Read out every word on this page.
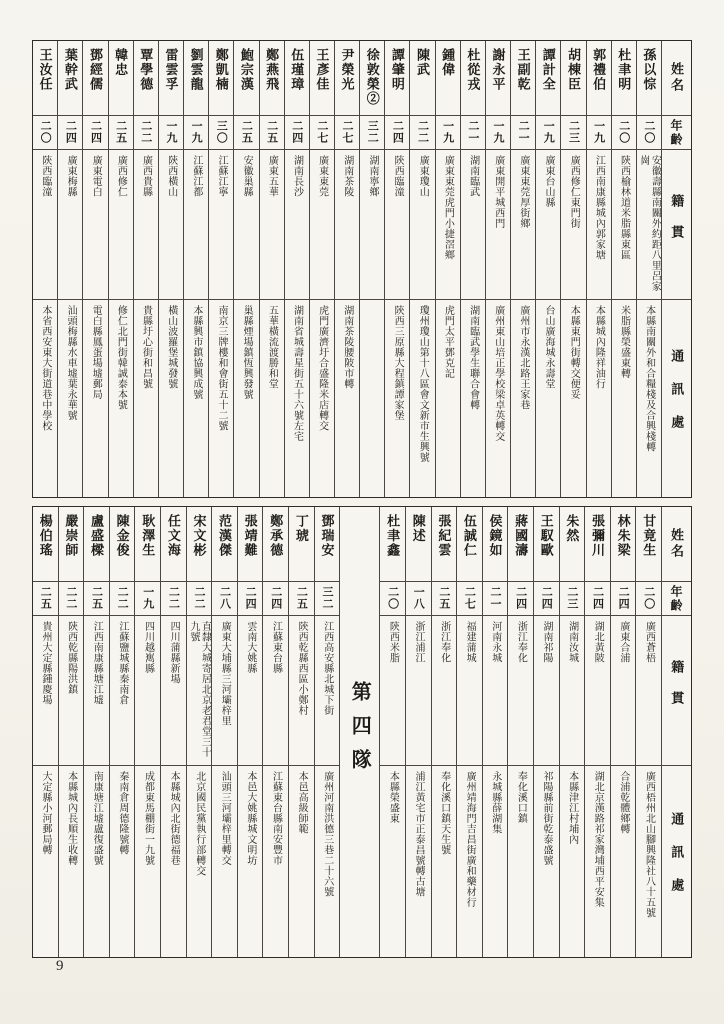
姓名
年齡
籍貫
通訊處
孫以悰
二〇
安徽壽縣南關外約距八里呂家崗
本縣南關外和合糧棧及合興棧轉
杜聿明
二〇
陝西榆林道米脂縣東區
米脂縣榮盛東轉
郭禮伯
一九
江西南康縣城內郭家塘
本縣城內隆祥油行
胡棟臣
二三
廣西修仁東門街
本縣東門街轉交便妥
譚計全
一九
廣東台山縣
台山廣海城永壽堂
王副乾
二一
廣東東莞厚街鄉
廣州市永漢北路王家巷
謝永平
一九
廣東開平城西門
廣州東山培正學校梁卓英轉交
杜從戎
二一
湖南臨武
湖南臨武學生聯合會轉
鍾偉
一九
廣東東莞虎門小捷滘鄉
虎門太平鄧克記
陳武
二二
廣東瓊山
瓊州瓊山第十八區會文新市生興號
譚肇明
二四
陝西臨潼
陝西三原縣大程鎮譚家堡
徐敦榮②
三二
湖南寧鄉
尹榮光
二七
湖南茶陵
湖南茶陵腰陂市轉
王彥佳
二七
廣東東莞
虎門廣濟圩合盛隆米店轉交
伍瑾璋
二四
湖南長沙
湖南省城壽星街五十六號左宅
鄭燕飛
二五
廣東五華
五華橫流渡勝和堂
鮑宗漢
二五
安徽巢縣
巢縣煙場鎮恆興發號
鄭凱楠
三〇
江蘇江寧
南京三牌樓和會街五十二號
劉雲龍
一九
江蘇江都
本縣興市鎮協興成號
雷雲孚
一九
陝西橫山
橫山波羅堡城發號
覃學德
二二
廣西貴縣
貴縣圩心街和昌號
韓忠
二五
廣西修仁
修仁北門街韓誠泰本號
鄧經儒
二四
廣東電白
電白縣鳳蛋場墟郵局
葉幹武
二四
廣東梅縣
汕頭梅縣水車墟葉永華號
王汝任
二〇
陝西臨潼
本省西安東大街道巷中學校
姓名
年齡
籍貫
通訊處
甘竟生
二〇
廣西蒼梧
廣西梧州北山腳興隆社八十五號
林朱梁
二四
廣東合浦
合浦乾體鄉轉
張彌川
二四
湖北黃陂
湖北京漢路祁家灣埔西平安集
朱然
二三
湖南汝城
本縣津江村埔內
王馭歐
二四
湖南祁陽
祁陽縣前街乾泰盛號
蔣國濤
二四
浙江奉化
奉化溪口鎮
侯鏡如
二一
河南永城
永城縣薛湖集
伍誠仁
二七
福建蒲城
廣州靖海門吉昌街廣和藥材行
張紀雲
二五
浙江奉化
奉化溪口鎮天生號
陳述
一八
浙江浦江
浦江黃宅市正泰昌號轉古塘
杜聿鑫
二〇
陝西米脂
本縣榮盛東
第四隊
鄧瑞安
三二
江西高安縣北城下街
廣州河南洪德三巷二十六號
丁琥
二五
陝西乾縣西區小鄭村
本邑高級師範
鄭承德
二四
江蘇東台縣
江蘇東台縣南安豐市
張靖難
二四
雲南大姚縣
本邑大姚縣城文明坊
范漢傑
二八
廣東大埔縣三河壩梓里
汕頭三河壩梓里轉交
宋文彬
二二
直隸大城寄居北京老君堂三十九號
北京國民黨執行部轉交
任文海
二二
四川蒲縣新場
本縣城內北街德福巷
耿澤生
一九
四川越嶲縣
成都東馬棚街一九號
陳金俊
二二
江蘇鹽城縣秦南倉
秦南倉周德隆號轉
盧盛樑
二五
江西南康縣塘江墟
南康塘江墟盧復盛號
嚴崇師
二二
陝西乾縣陽洪鎮
本縣城內長順生收轉
楊伯瑤
二五
貴州大定縣鍾慶場
大定縣小河郵局轉
9
